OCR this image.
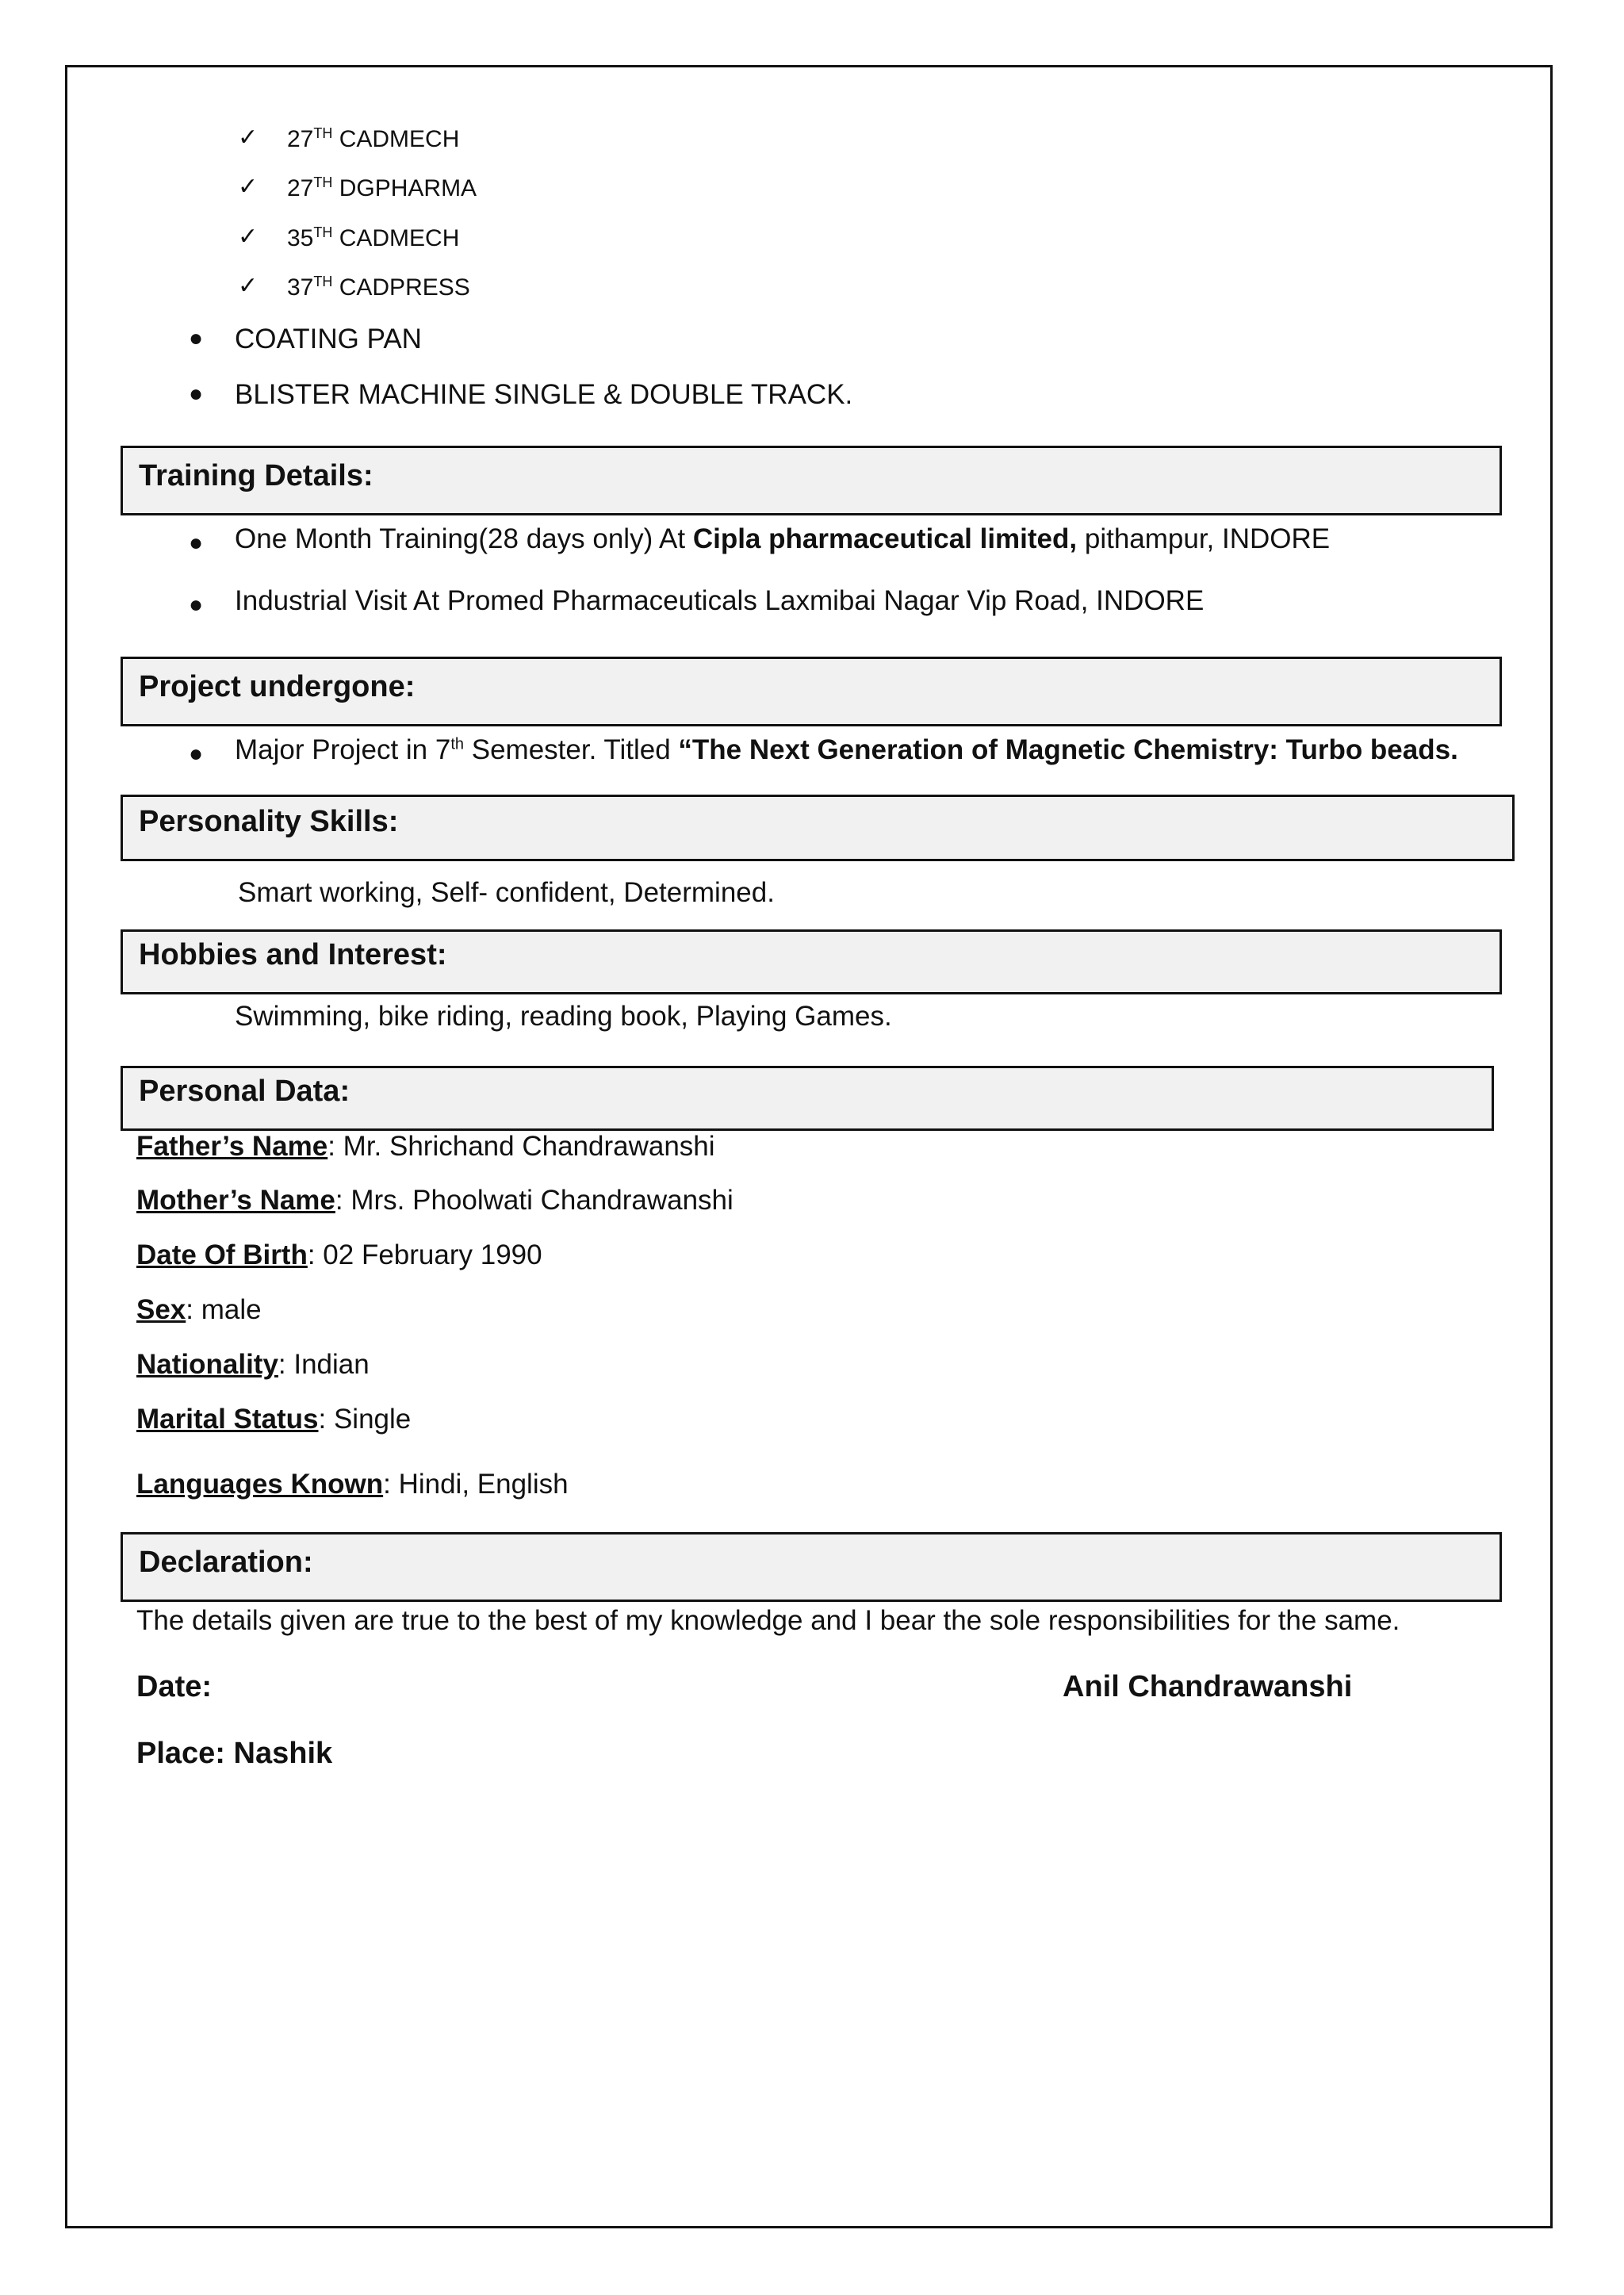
✓ 27TH CADMECH
✓ 27TH DGPHARMA
✓ 35TH CADMECH
✓ 37TH CADPRESS
● COATING PAN
● BLISTER MACHINE SINGLE & DOUBLE TRACK.
Training Details:
● One Month Training(28 days only) At Cipla pharmaceutical limited, pithampur, INDORE
● Industrial Visit At Promed Pharmaceuticals Laxmibai Nagar Vip Road, INDORE
Project undergone:
● Major Project in 7th Semester. Titled “The Next Generation of Magnetic Chemistry: Turbo beads.
Personality Skills:
Smart working, Self- confident, Determined.
Hobbies and Interest:
Swimming, bike riding, reading book, Playing Games.
Personal Data:
Father’s Name: Mr. Shrichand Chandrawanshi
Mother’s Name: Mrs. Phoolwati Chandrawanshi
Date Of Birth: 02 February 1990
Sex: male
Nationality: Indian
Marital Status: Single
Languages Known: Hindi, English
Declaration:
The details given are true to the best of my knowledge and I bear the sole responsibilities for the same.
Date:	Anil Chandrawanshi
Place: Nashik
